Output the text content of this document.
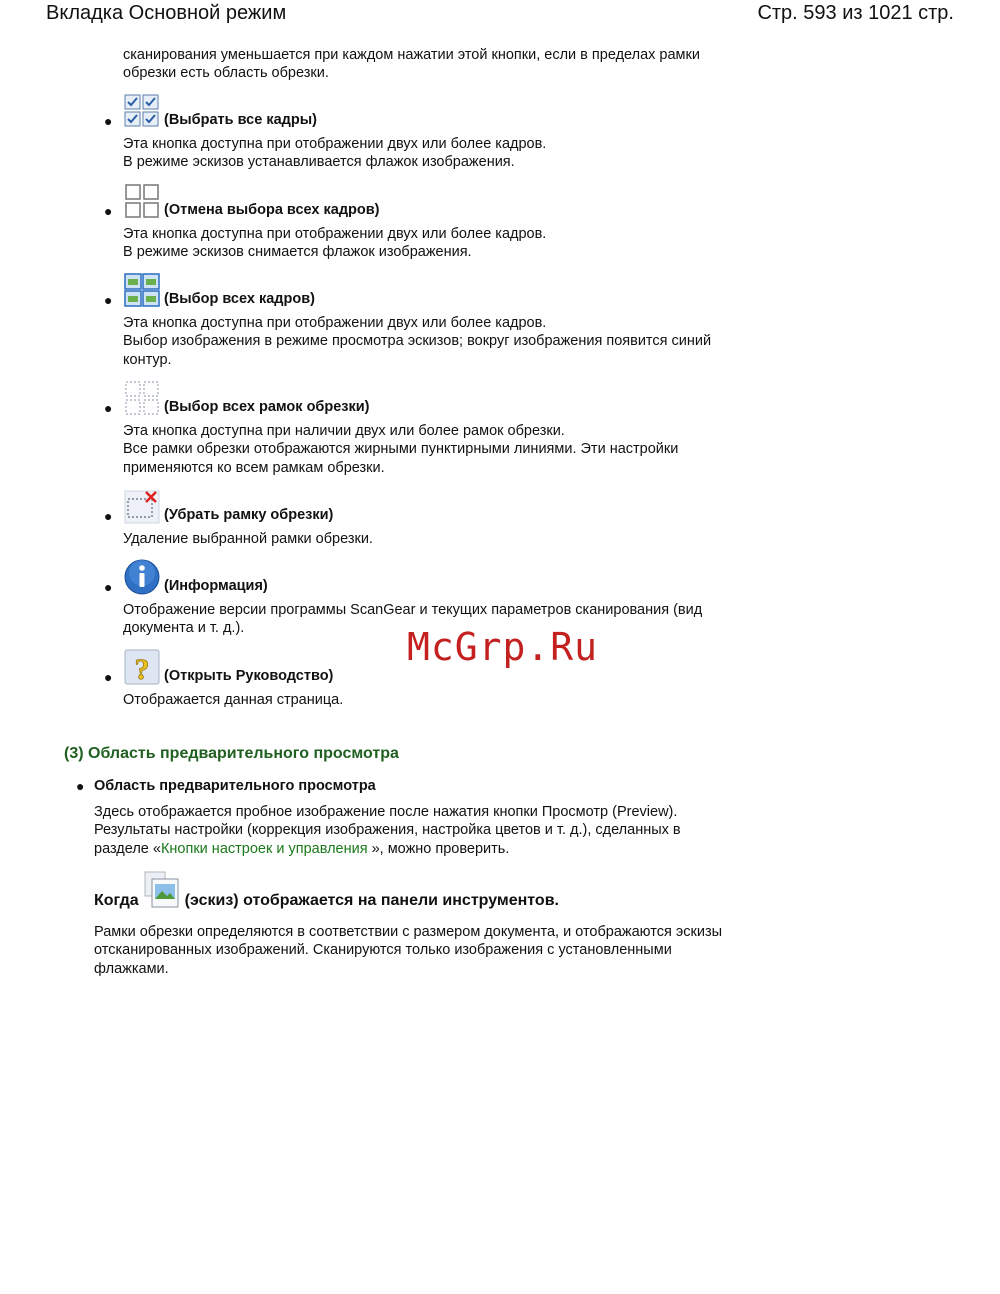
Вкладка Основной режим	Стр. 593 из 1021 стр.

сканирования уменьшается при каждом нажатии этой кнопки, если в пределах рамки
обрезки есть область обрезки.

●	(Выбрать все кадры)

Эта кнопка доступна при отображении двух или более кадров.
В режиме эскизов устанавливается флажок изображения.

●	(Отмена выбора всех кадров)

Эта кнопка доступна при отображении двух или более кадров.
В режиме эскизов снимается флажок изображения.

●	(Выбор всех кадров)

Эта кнопка доступна при отображении двух или более кадров.
Выбор изображения в режиме просмотра эскизов; вокруг изображения появится синий
контур.

●	(Выбор всех рамок обрезки)

Эта кнопка доступна при наличии двух или более рамок обрезки.
Все рамки обрезки отображаются жирными пунктирными линиями. Эти настройки
применяются ко всем рамкам обрезки.

●	(Убрать рамку обрезки)

Удаление выбранной рамки обрезки.

●	(Информация)

Отображение версии программы ScanGear и текущих параметров сканирования (вид
документа и т. д.).

● ? (Открыть Руководство)

Отображается данная страница.

McGrp.Ru
(3) Область предварительного просмотра
● Область предварительного просмотра

Здесь отображается пробное изображение после нажатия кнопки Просмотр (Preview).
Результаты настройки (коррекция изображения, настройка цветов и т. д.), сделанных в
разделе «Кнопки настроек и управления », можно проверить.

Когда	(эскиз) отображается на панели инструментов.

Рамки обрезки определяются в соответствии с размером документа, и отображаются эскизы
отсканированных изображений. Сканируются только изображения с установленными
флажками.
